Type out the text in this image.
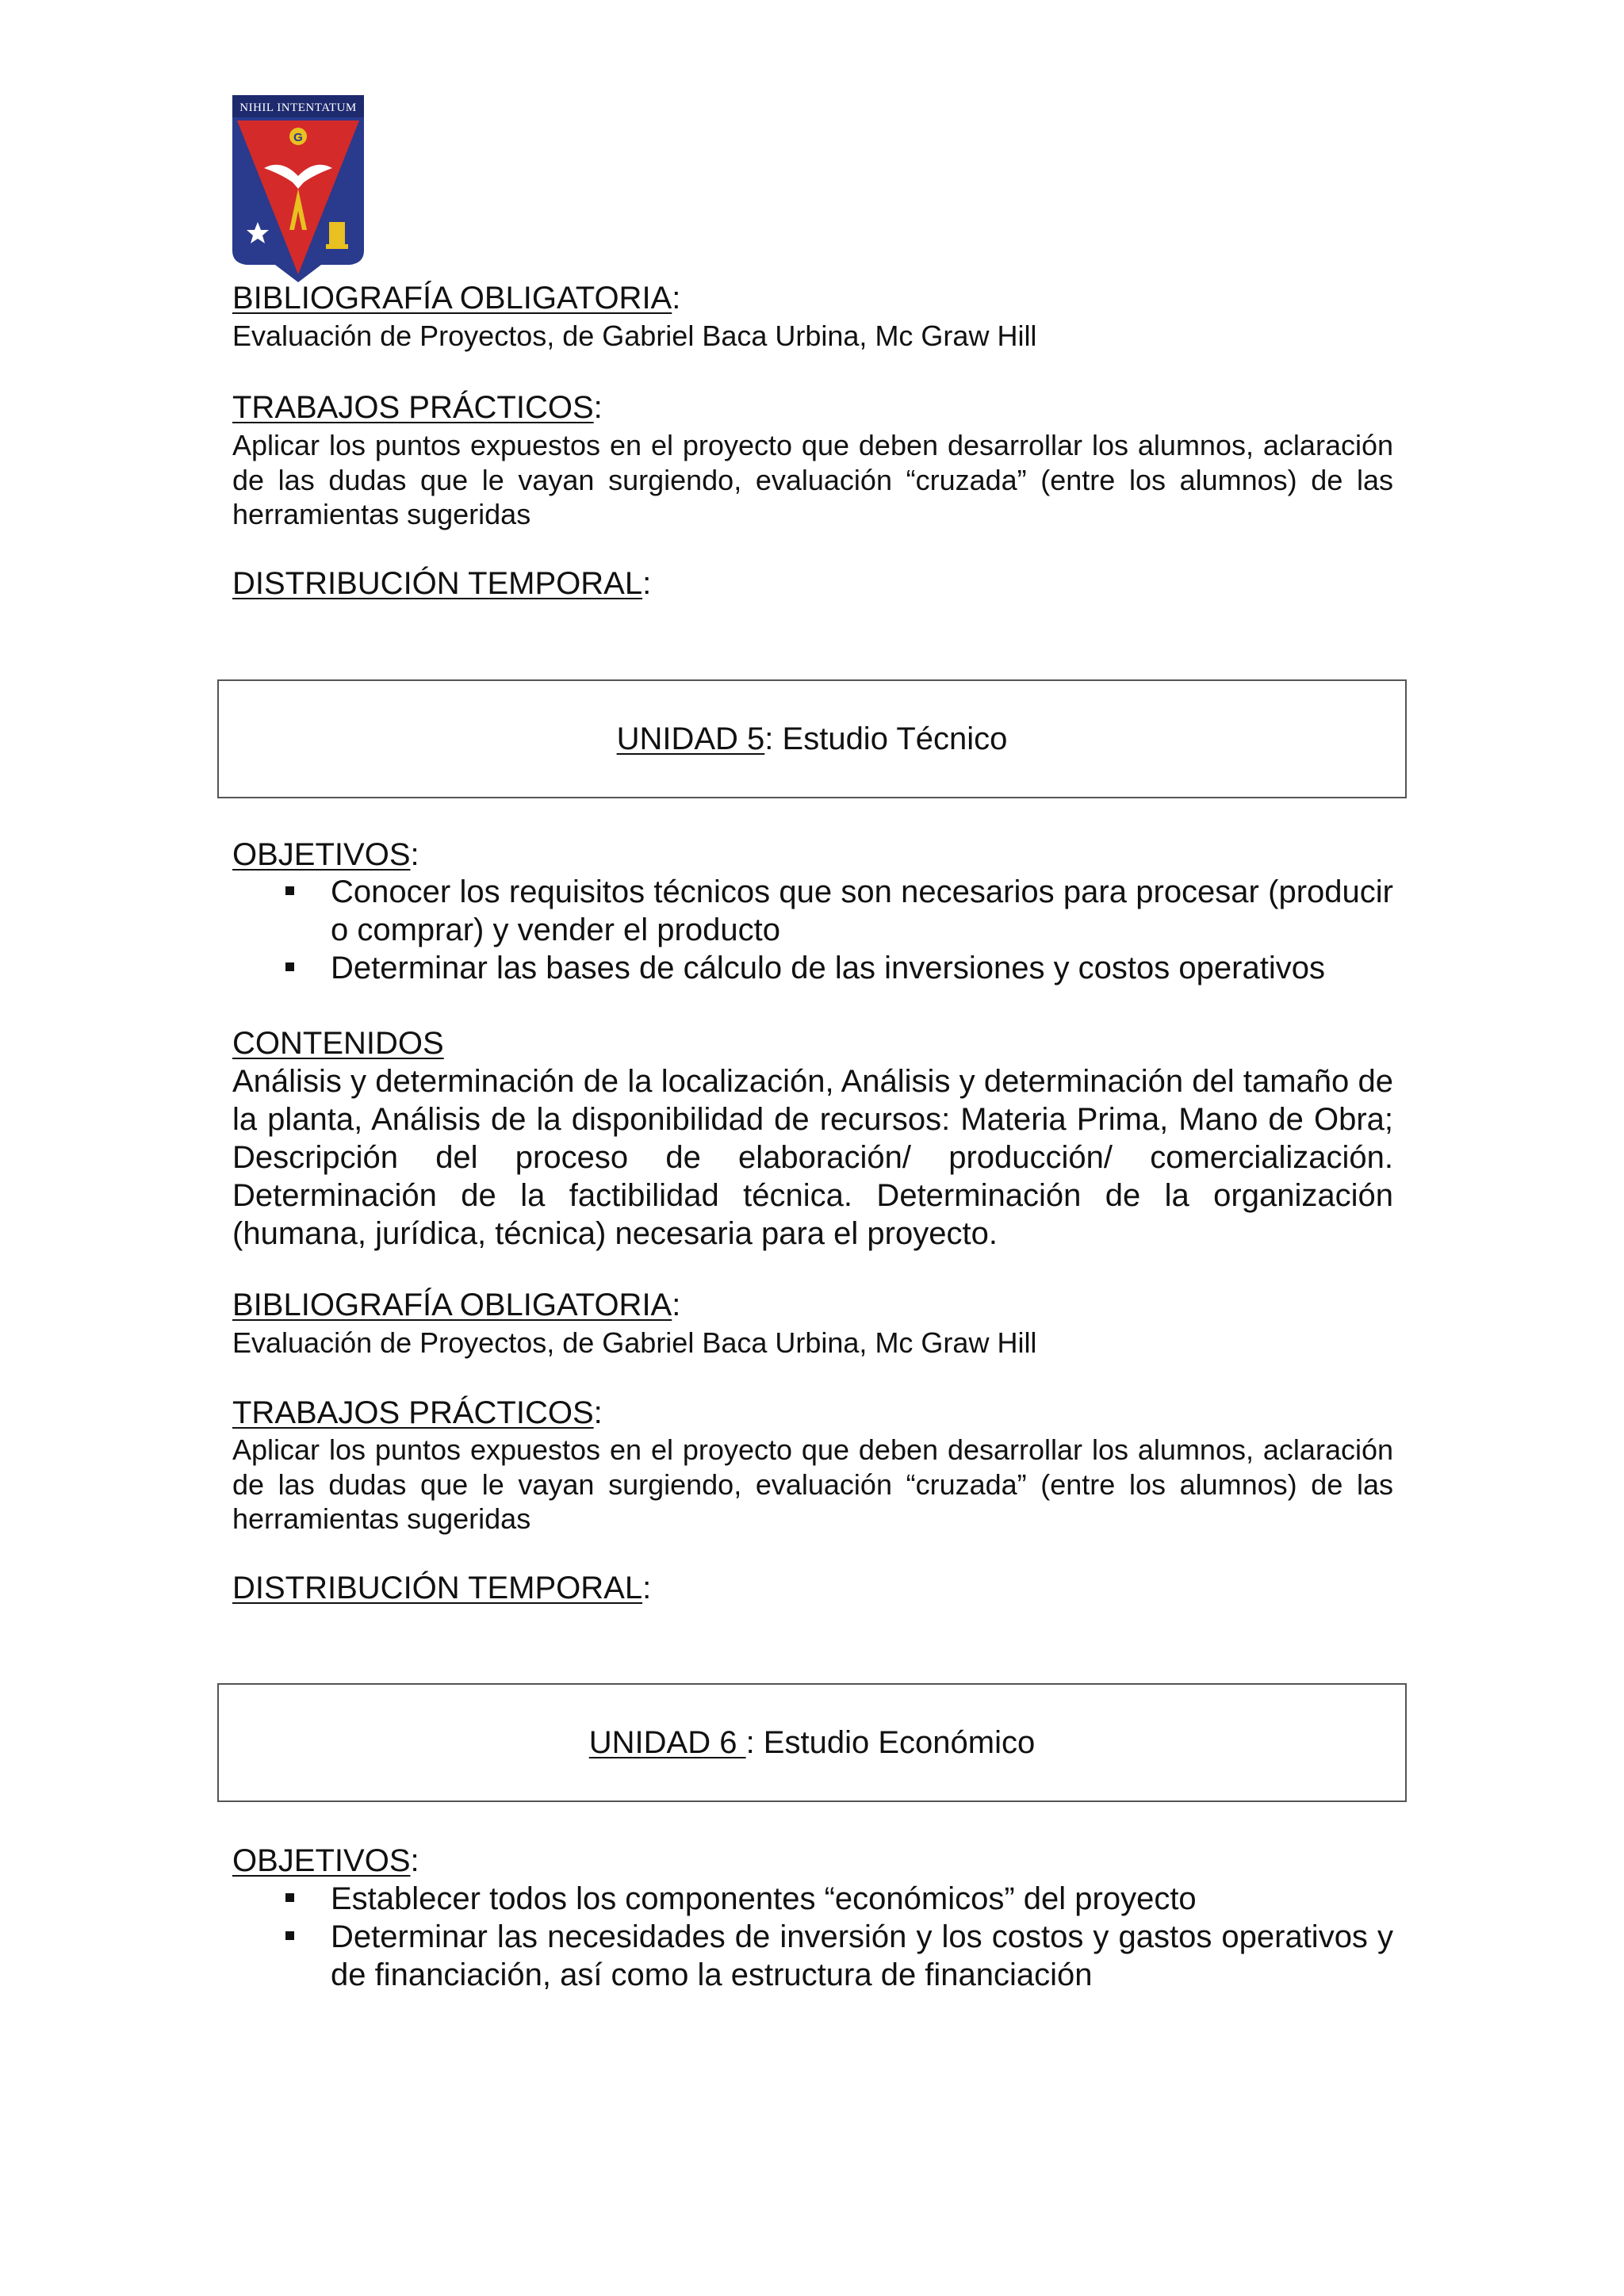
NIHIL INTENTATUM
G
BIBLIOGRAFÍA OBLIGATORIA:
Evaluación de Proyectos, de Gabriel Baca Urbina, Mc Graw Hill
TRABAJOS PRÁCTICOS:
Aplicar los puntos expuestos en el proyecto que deben desarrollar los alumnos, aclaración de las dudas que le vayan surgiendo, evaluación “cruzada” (entre los alumnos) de las herramientas sugeridas
DISTRIBUCIÓN TEMPORAL:
UNIDAD 5: Estudio Técnico
OBJETIVOS:
Conocer los requisitos técnicos que son necesarios para procesar (producir o comprar) y vender el producto
Determinar las bases de cálculo de las inversiones y costos operativos
CONTENIDOS
Análisis y determinación de la localización, Análisis y determinación del tamaño de la planta, Análisis de la disponibilidad de recursos: Materia Prima, Mano de Obra; Descripción del proceso de elaboración/ producción/ comercialización. Determinación de la factibilidad técnica. Determinación de la organización (humana, jurídica, técnica) necesaria para el proyecto.
BIBLIOGRAFÍA OBLIGATORIA:
Evaluación de Proyectos, de Gabriel Baca Urbina, Mc Graw Hill
TRABAJOS PRÁCTICOS:
Aplicar los puntos expuestos en el proyecto que deben desarrollar los alumnos, aclaración de las dudas que le vayan surgiendo, evaluación “cruzada” (entre los alumnos) de las herramientas sugeridas
DISTRIBUCIÓN TEMPORAL:
UNIDAD 6 : Estudio Económico
OBJETIVOS:
Establecer todos los componentes “económicos” del proyecto
Determinar las necesidades de inversión y los costos y gastos operativos y de financiación, así como la estructura de financiación
